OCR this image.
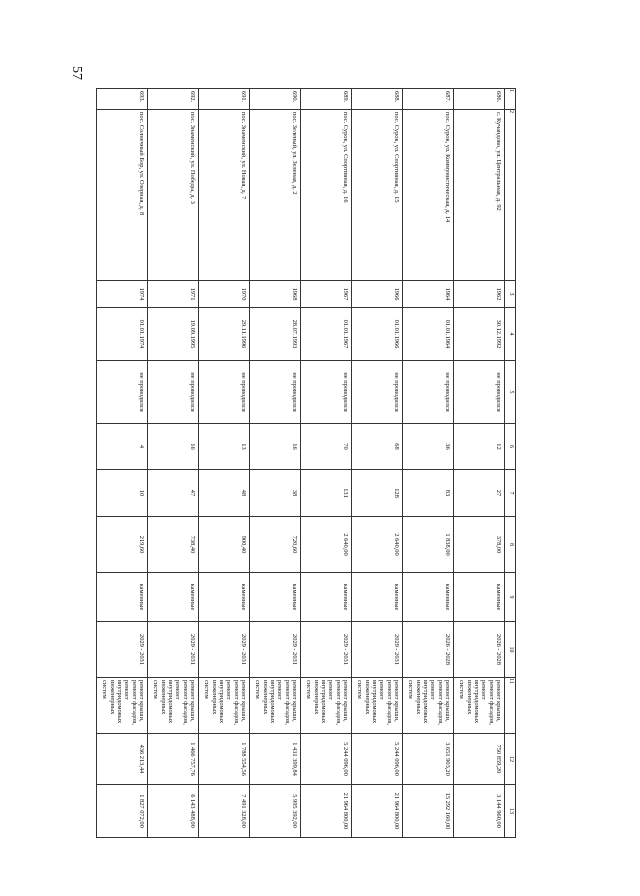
57
1	2	3	4	5	6	7	8	9	10	11	12	13
686.	с. Кучандово, ул. Центральная, д. 92	1962	30.12.1992	не проводился	12	27	378,00	каменные	2026 - 2028	ремонт крыши, ремонт фасадов, ремонт внутридомовых инженерных систем	750 859,20	3 144 960,00
687.	пос. Сурок, ул. Коммунистическая, д. 14	1964	01.01.1964	не проводился	36	83	1 838,00	каменные	2026 - 2028	ремонт крыши, ремонт фасадов, ремонт внутридомовых инженерных систем	3 651 903,20	15 292 160,00
688.	пос. Сурок, ул. Спортивная, д. 15	1966	01.01.1966	не проводился	68	128	2 640,00	каменные	2029 - 2031	ремонт крыши, ремонт фасадов, ремонт внутридомовых инженерных систем	5 244 096,00	21 964 800,00
689.	пос. Сурок, ул. Спортивная, д. 16	1967	01.01.1967	не проводился	70	131	2 640,00	каменные	2029 - 2031	ремонт крыши, ремонт фасадов, ремонт внутридомовых инженерных систем	5 244 096,00	21 964 800,00
690.	пос. Зеленый, ул. Зеленая, д. 2	1968	28.07.1993	не проводился	16	38	720,60	каменные	2029 - 2031	ремонт крыши, ремонт фасадов, ремонт внутридомовых инженерных систем	1 431 399,84	5 995 392,00
691.	пос. Знаменский, ул. Новая, д. 7	1970	29.11.1996	не проводился	13	48	900,40	каменные	2029 - 2031	ремонт крыши, ремонт фасадов, ремонт внутридомовых инженерных систем	1 788 554,56	7 491 328,00
692.	пос. Знаменский, ул. Победы, д. 3	1971	19.09.1995	не проводился	16	47	738,40	каменные	2029 - 2031	ремонт крыши, ремонт фасадов, ремонт внутридомовых инженерных систем	1 466 757,76	6 143 488,00
693.	пос. Солнечный Бор, ул. Озерная, д. 8	1974	01.01.1974	не проводился	4	10	219,60	каменные	2029 - 2031	ремонт крыши, ремонт фасадов, ремонт внутридомовых инженерных систем	436 213,44	1 827 072,00
